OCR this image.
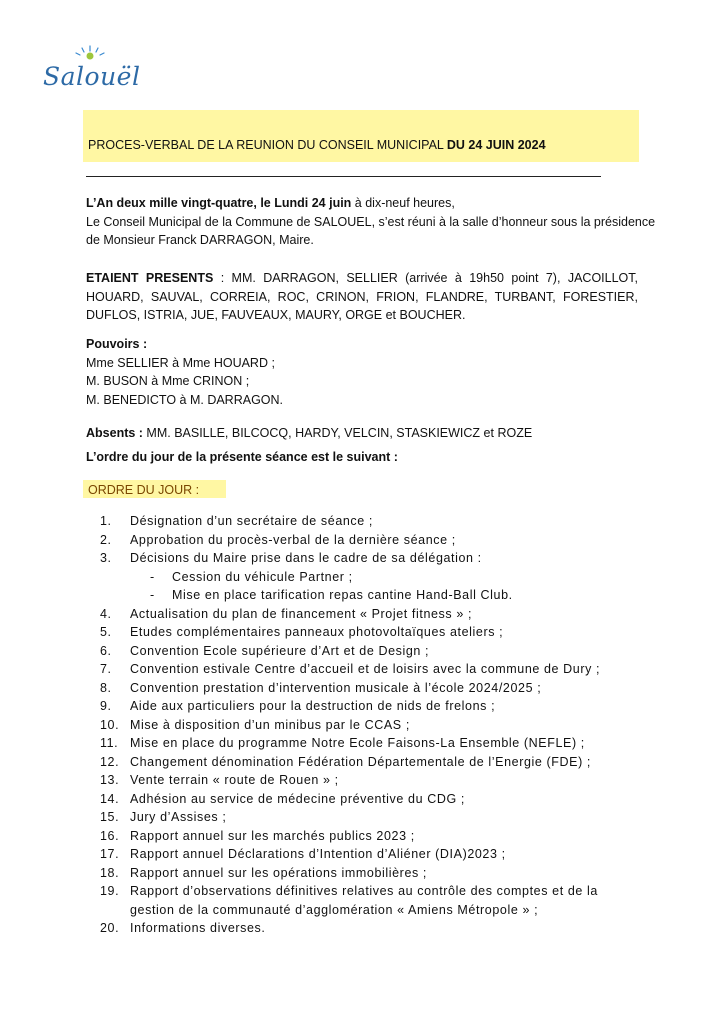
Salouël
PROCES-VERBAL DE LA REUNION DU CONSEIL MUNICIPAL DU 24 JUIN 2024
L’An deux mille vingt-quatre, le Lundi 24 juin à dix-neuf heures,
Le Conseil Municipal de la Commune de SALOUEL, s’est réuni à la salle d’honneur sous la présidence
de Monsieur Franck DARRAGON, Maire.
ETAIENT PRESENTS : MM. DARRAGON, SELLIER (arrivée à 19h50 point 7), JACOILLOT, HOUARD, SAUVAL, CORREIA, ROC, CRINON, FRION, FLANDRE, TURBANT, FORESTIER, DUFLOS, ISTRIA, JUE, FAUVEAUX, MAURY, ORGE et BOUCHER.
Pouvoirs :
Mme SELLIER à Mme HOUARD ;
M. BUSON à Mme CRINON ;
M. BENEDICTO à M. DARRAGON.
Absents : MM. BASILLE, BILCOCQ, HARDY, VELCIN, STASKIEWICZ et ROZE
L’ordre du jour de la présente séance est le suivant :
ORDRE DU JOUR :
1.	Désignation d’un secrétaire de séance ;
2.	Approbation du procès-verbal de la dernière séance ;
3.	Décisions du Maire prise dans le cadre de sa délégation :
- Cession du véhicule Partner ;
- Mise en place tarification repas cantine Hand-Ball Club.
4.	Actualisation du plan de financement « Projet fitness » ;
5.	Etudes complémentaires panneaux photovoltaïques ateliers ;
6.	Convention Ecole supérieure d’Art et de Design ;
7.	Convention estivale Centre d’accueil et de loisirs avec la commune de Dury ;
8.	Convention prestation d’intervention musicale à l’école 2024/2025 ;
9.	Aide aux particuliers pour la destruction de nids de frelons ;
10. Mise à disposition d’un minibus par le CCAS ;
11. Mise en place du programme Notre Ecole Faisons-La Ensemble (NEFLE) ;
12. Changement dénomination Fédération Départementale de l’Energie (FDE) ;
13. Vente terrain « route de Rouen » ;
14. Adhésion au service de médecine préventive du CDG ;
15. Jury d’Assises ;
16. Rapport annuel sur les marchés publics 2023 ;
17. Rapport annuel Déclarations d’Intention d’Aliéner (DIA)2023 ;
18. Rapport annuel sur les opérations immobilières ;
19. Rapport d’observations définitives relatives au contrôle des comptes et de la gestion de la communauté d’agglomération « Amiens Métropole » ;
20. Informations diverses.
